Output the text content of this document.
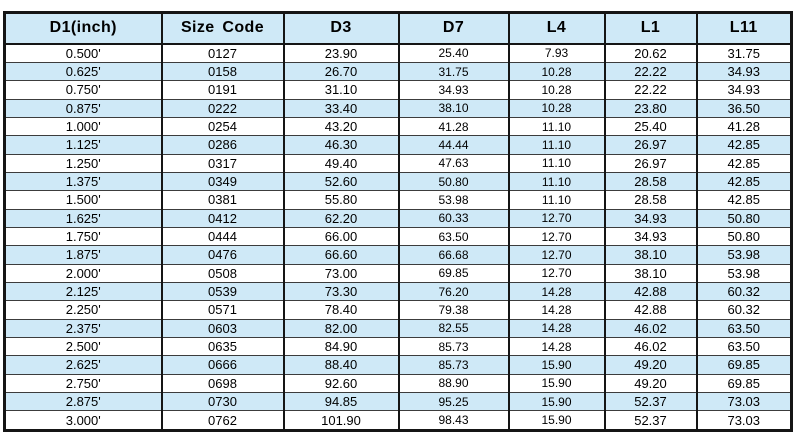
D1(inch)	Size Code	D3	D7	L4	L1	L11
0.500'	0127	23.90	25.40	7.93	20.62	31.75
0.625'	0158	26.70	31.75	10.28	22.22	34.93
0.750'	0191	31.10	34.93	10.28	22.22	34.93
0.875'	0222	33.40	38.10	10.28	23.80	36.50
1.000'	0254	43.20	41.28	11.10	25.40	41.28
1.125'	0286	46.30	44.44	11.10	26.97	42.85
1.250'	0317	49.40	47.63	11.10	26.97	42.85
1.375'	0349	52.60	50.80	11.10	28.58	42.85
1.500'	0381	55.80	53.98	11.10	28.58	42.85
1.625'	0412	62.20	60.33	12.70	34.93	50.80
1.750'	0444	66.00	63.50	12.70	34.93	50.80
1.875'	0476	66.60	66.68	12.70	38.10	53.98
2.000'	0508	73.00	69.85	12.70	38.10	53.98
2.125'	0539	73.30	76.20	14.28	42.88	60.32
2.250'	0571	78.40	79.38	14.28	42.88	60.32
2.375'	0603	82.00	82.55	14.28	46.02	63.50
2.500'	0635	84.90	85.73	14.28	46.02	63.50
2.625'	0666	88.40	85.73	15.90	49.20	69.85
2.750'	0698	92.60	88.90	15.90	49.20	69.85
2.875'	0730	94.85	95.25	15.90	52.37	73.03
3.000'	0762	101.90	98.43	15.90	52.37	73.03
